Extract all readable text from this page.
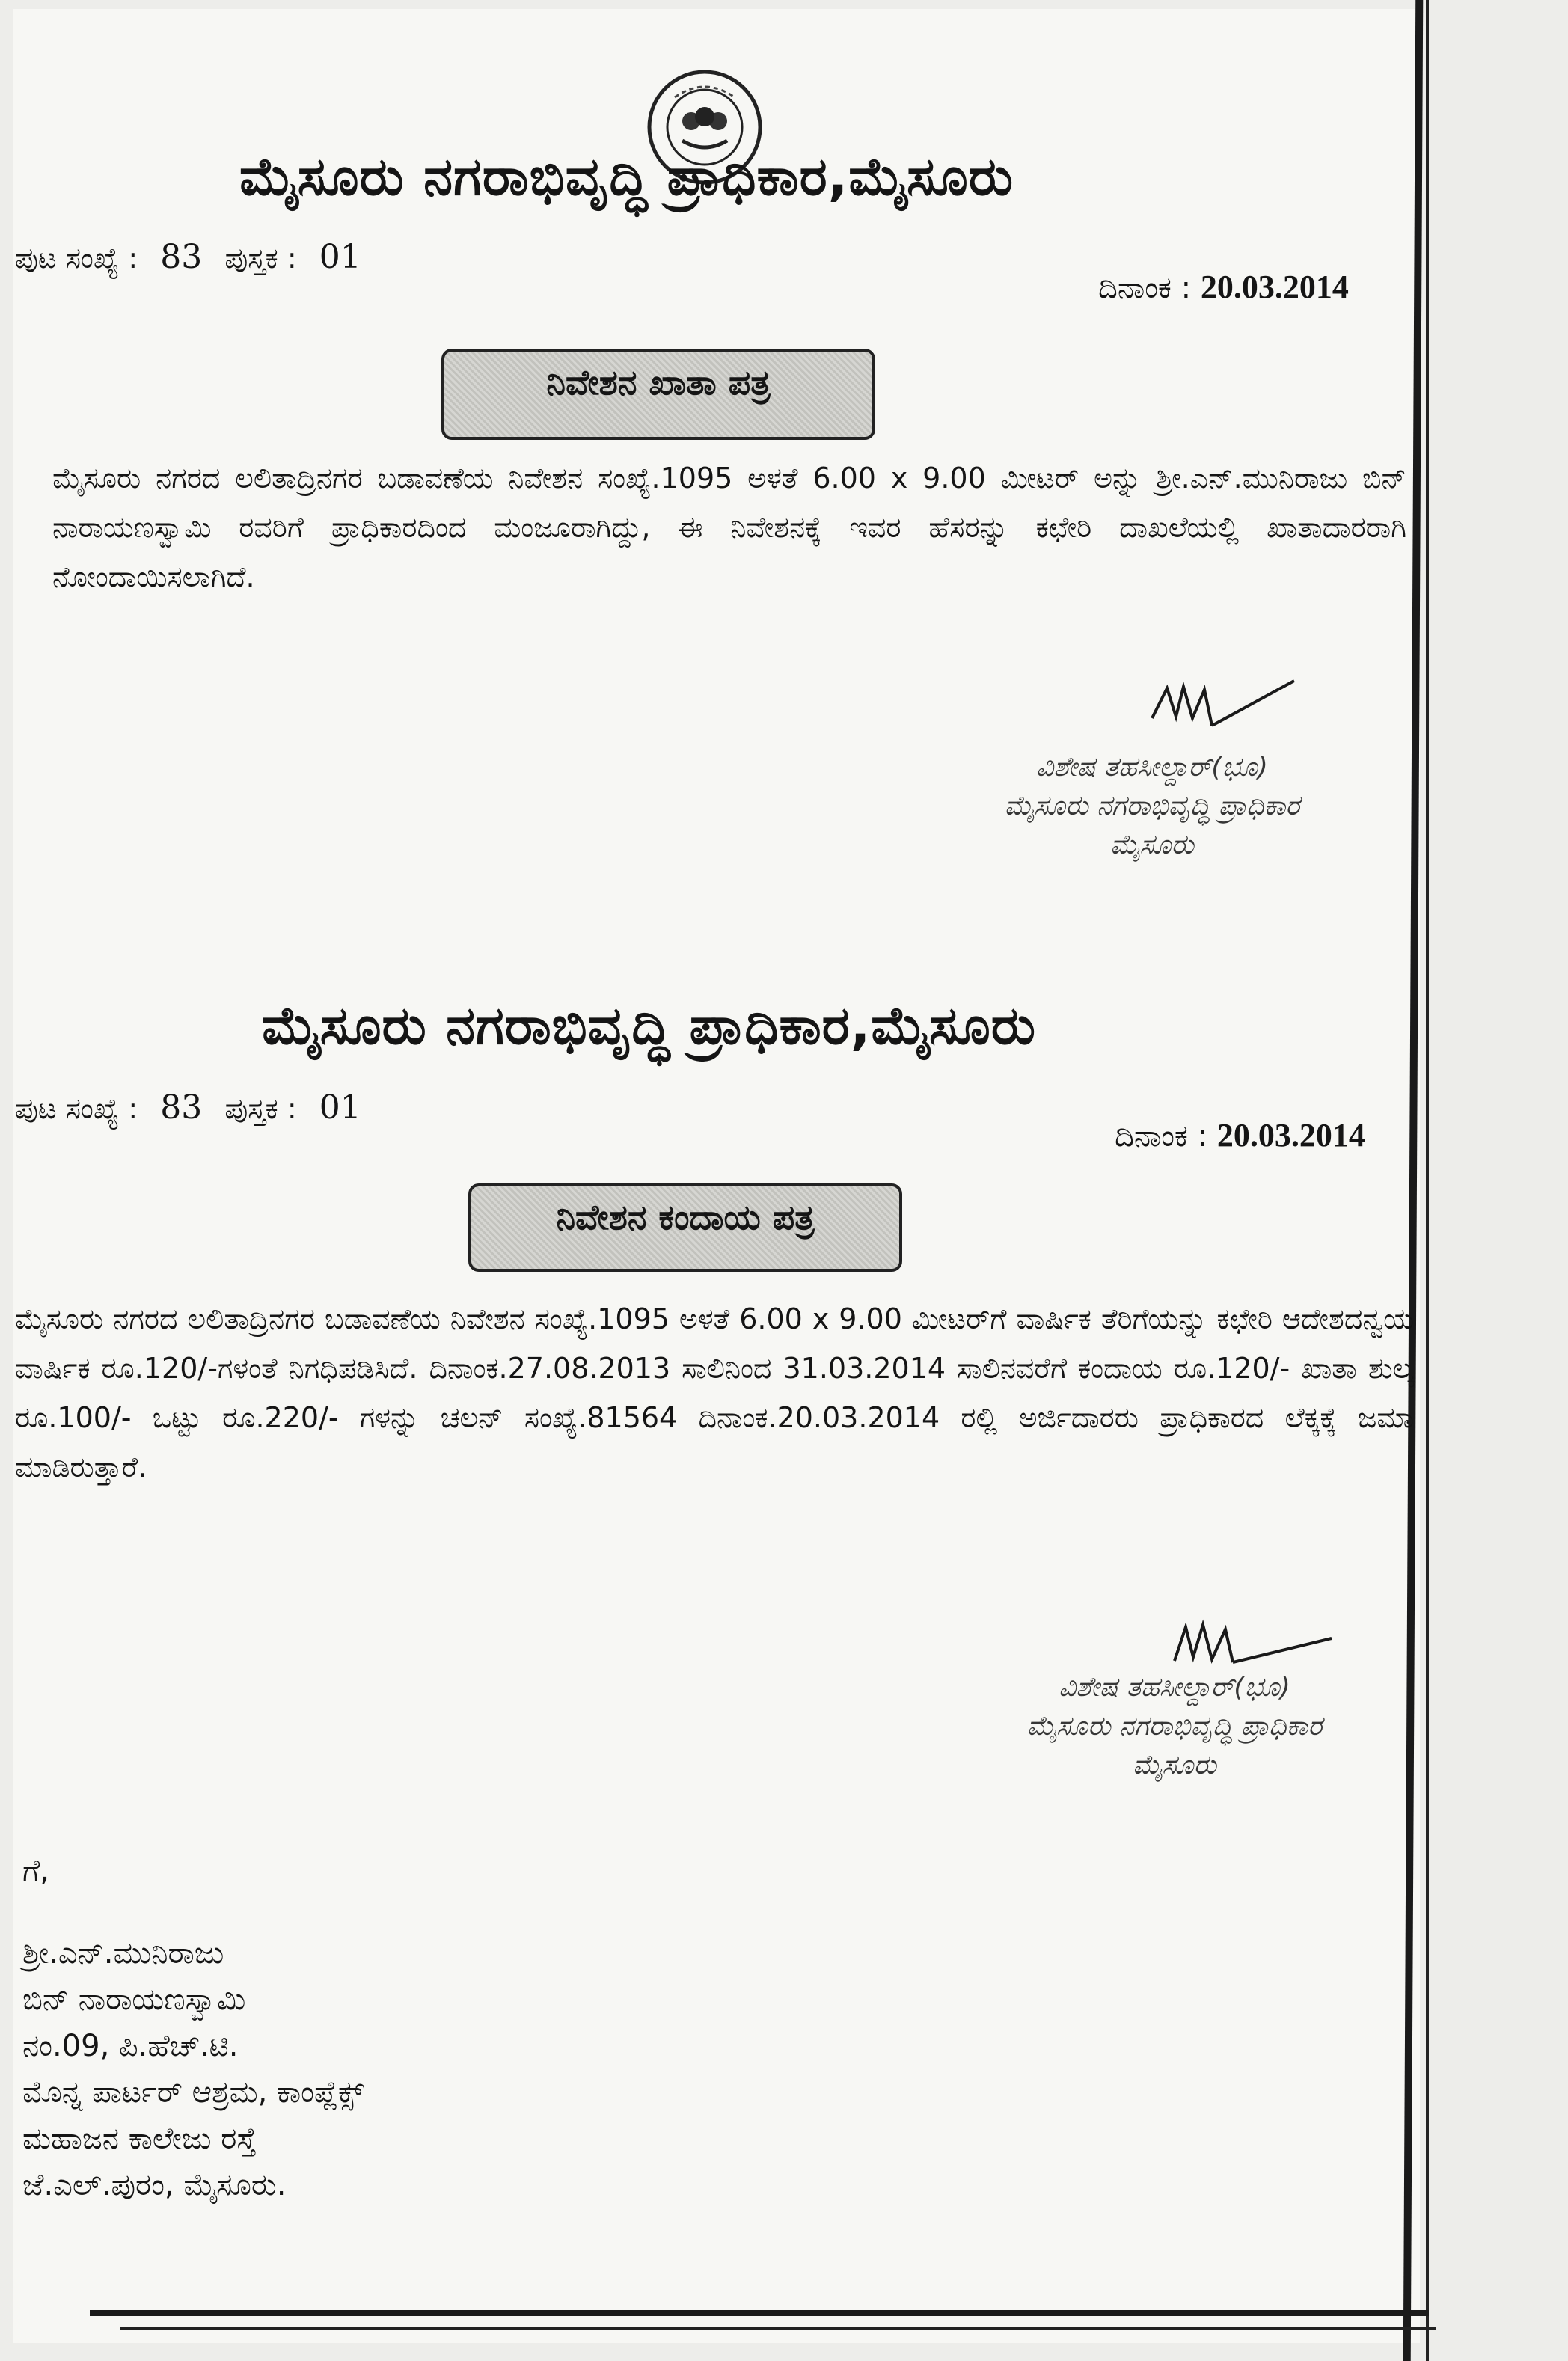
ಮೈಸೂರು ನಗರಾಭಿವೃದ್ಧಿ ಪ್ರಾಧಿಕಾರ,ಮೈಸೂರು
ಪುಟ ಸಂಖ್ಯೆ : 83 ಪುಸ್ತಕ : 01
ದಿನಾಂಕ : 20.03.2014
ನಿವೇಶನ ಖಾತಾ ಪತ್ರ

ಮೈಸೂರು ನಗರದ ಲಲಿತಾದ್ರಿನಗರ ಬಡಾವಣೆಯ ನಿವೇಶನ ಸಂಖ್ಯೆ.1095 ಅಳತೆ 6.00 x 9.00 ಮೀಟರ್ ಅನ್ನು ಶ್ರೀ.ಎನ್.ಮುನಿರಾಜು ಬಿನ್ ನಾರಾಯಣಸ್ವಾಮಿ ರವರಿಗೆ ಪ್ರಾಧಿಕಾರದಿಂದ ಮಂಜೂರಾಗಿದ್ದು, ಈ ನಿವೇಶನಕ್ಕೆ ಇವರ ಹೆಸರನ್ನು ಕಛೇರಿ ದಾಖಲೆಯಲ್ಲಿ ಖಾತಾದಾರರಾಗಿ ನೋಂದಾಯಿಸಲಾಗಿದೆ.

ವಿಶೇಷ ತಹಸೀಲ್ದಾರ್(ಭೂ)
ಮೈಸೂರು ನಗರಾಭಿವೃದ್ಧಿ ಪ್ರಾಧಿಕಾರ
ಮೈಸೂರು
ಮೈಸೂರು ನಗರಾಭಿವೃದ್ಧಿ ಪ್ರಾಧಿಕಾರ,ಮೈಸೂರು
ಪುಟ ಸಂಖ್ಯೆ : 83 ಪುಸ್ತಕ : 01
ದಿನಾಂಕ : 20.03.2014
ನಿವೇಶನ ಕಂದಾಯ ಪತ್ರ

ಮೈಸೂರು ನಗರದ ಲಲಿತಾದ್ರಿನಗರ ಬಡಾವಣೆಯ ನಿವೇಶನ ಸಂಖ್ಯೆ.1095 ಅಳತೆ 6.00 x 9.00 ಮೀಟರ್‌ಗೆ ವಾರ್ಷಿಕ ತೆರಿಗೆಯನ್ನು ಕಛೇರಿ ಆದೇಶದನ್ವಯ ವಾರ್ಷಿಕ ರೂ.120/-ಗಳಂತೆ ನಿಗಧಿಪಡಿಸಿದೆ. ದಿನಾಂಕ.27.08.2013 ಸಾಲಿನಿಂದ 31.03.2014 ಸಾಲಿನವರೆಗೆ ಕಂದಾಯ ರೂ.120/- ಖಾತಾ ಶುಲ್ಕ ರೂ.100/- ಒಟ್ಟು ರೂ.220/- ಗಳನ್ನು ಚಲನ್ ಸಂಖ್ಯೆ.81564 ದಿನಾಂಕ.20.03.2014 ರಲ್ಲಿ ಅರ್ಜಿದಾರರು ಪ್ರಾಧಿಕಾರದ ಲೆಕ್ಕಕ್ಕೆ ಜಮಾ ಮಾಡಿರುತ್ತಾರೆ.

ವಿಶೇಷ ತಹಸೀಲ್ದಾರ್(ಭೂ)
ಮೈಸೂರು ನಗರಾಭಿವೃದ್ಧಿ ಪ್ರಾಧಿಕಾರ
ಮೈಸೂರು
ಗೆ,
ಶ್ರೀ.ಎನ್.ಮುನಿರಾಜು
ಬಿನ್ ನಾರಾಯಣಸ್ವಾಮಿ
ನಂ.09, ಪಿ.ಹೆಚ್.ಟಿ.
ಮೊನ್ನ ಪಾರ್ಟರ್ ಆಶ್ರಮ, ಕಾಂಪ್ಲೆಕ್ಸ್
ಮಹಾಜನ ಕಾಲೇಜು ರಸ್ತೆ
ಜೆ.ಎಲ್.ಪುರಂ, ಮೈಸೂರು.
